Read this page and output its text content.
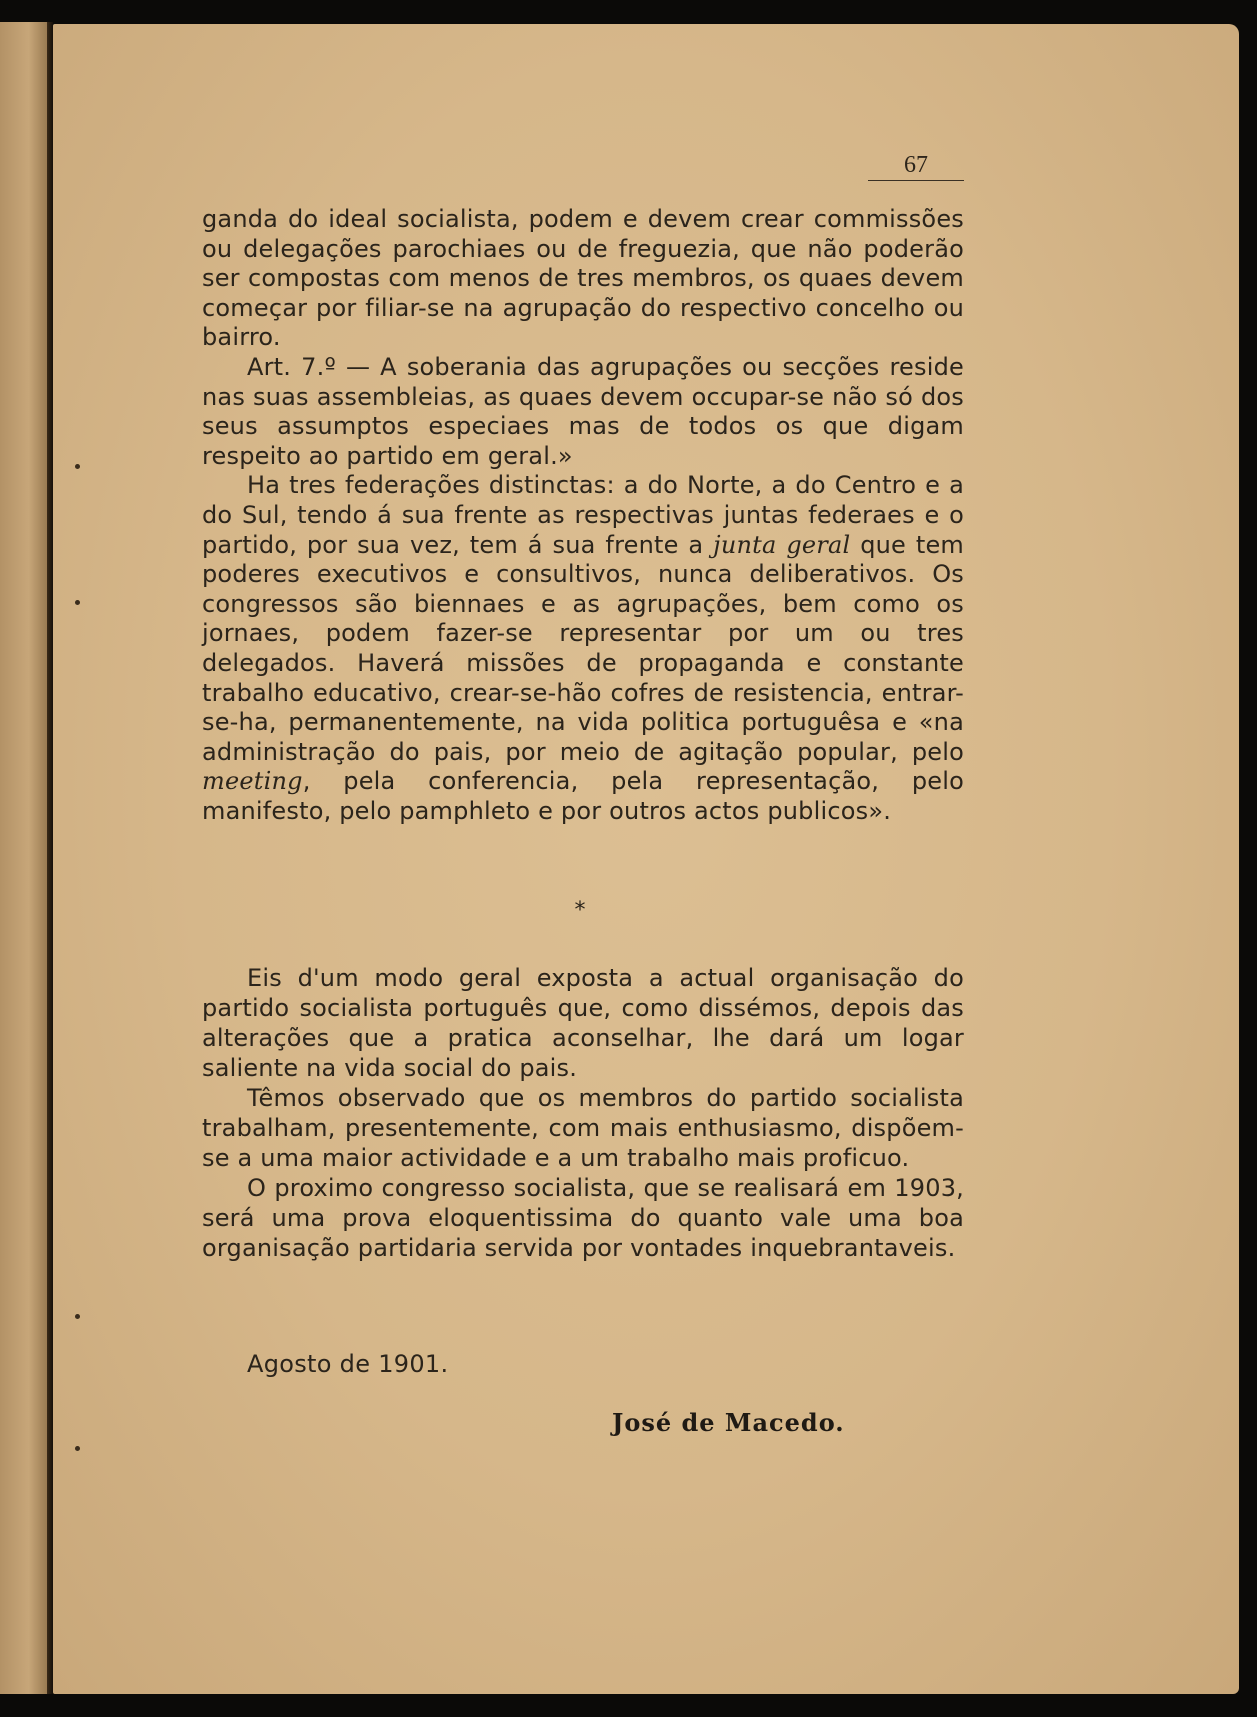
67

ganda do ideal socialista, podem e devem crear commissões ou delegações parochiaes ou de freguezia, que não poderão ser compostas com menos de tres membros, os quaes devem começar por filiar-se na agrupação do respectivo concelho ou bairro.

Art. 7.º — A soberania das agrupações ou secções reside nas suas assembleias, as quaes devem occupar-se não só dos seus assumptos especiaes mas de todos os que digam respeito ao partido em geral.»

Ha tres federações distinctas: a do Norte, a do Centro e a do Sul, tendo á sua frente as respectivas juntas federaes e o partido, por sua vez, tem á sua frente a junta geral que tem poderes executivos e consultivos, nunca deliberativos. Os congressos são biennaes e as agrupações, bem como os jornaes, podem fazer-se representar por um ou tres delegados. Haverá missões de propaganda e constante trabalho educativo, crear-se-hão cofres de resistencia, entrar-se-ha, permanentemente, na vida politica portuguêsa e «na administração do pais, por meio de agitação popular, pelo meeting, pela conferencia, pela representação, pelo manifesto, pelo pamphleto e por outros actos publicos».

*

Eis d'um modo geral exposta a actual organisação do partido socialista português que, como dissémos, depois das alterações que a pratica aconselhar, lhe dará um logar saliente na vida social do pais.

Têmos observado que os membros do partido socialista trabalham, presentemente, com mais enthusiasmo, dispõem-se a uma maior actividade e a um trabalho mais proficuo.

O proximo congresso socialista, que se realisará em 1903, será uma prova eloquentissima do quanto vale uma boa organisação partidaria servida por vontades inquebrantaveis.

Agosto de 1901.
José de Macedo.
